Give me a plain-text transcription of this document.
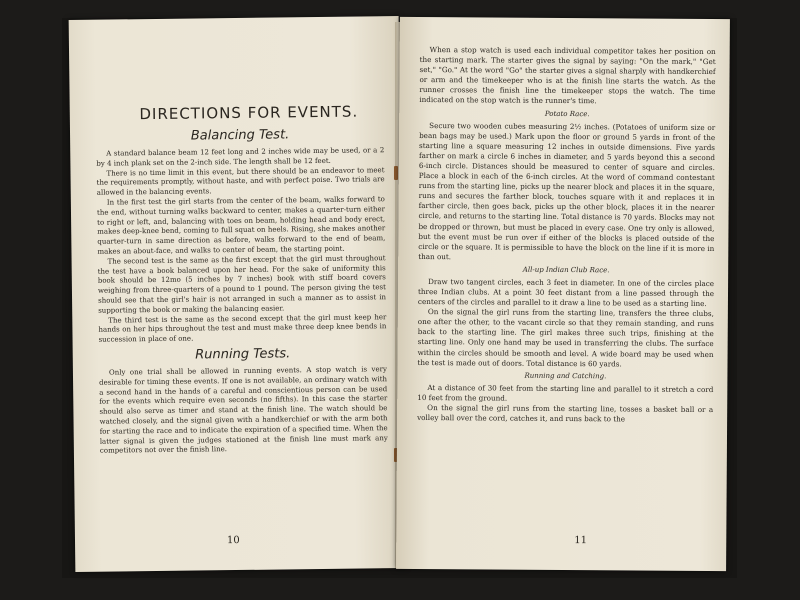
DIRECTIONS FOR EVENTS.
Balancing Test.

A standard balance beam 12 feet long and 2 inches wide may be used, or a 2 by 4 inch plank set on the 2-inch side. The length shall be 12 feet.

There is no time limit in this event, but there should be an endeavor to meet the requirements promptly, without haste, and with perfect poise. Two trials are allowed in the balancing events.

In the first test the girl starts from the center of the beam, walks forward to the end, without turning walks backward to center, makes a quarter-turn either to right or left, and, balancing with toes on beam, holding head and body erect, makes deep-knee bend, coming to full squat on heels. Rising, she makes another quarter-turn in same direction as before, walks forward to the end of beam, makes an about-face, and walks to center of beam, the starting point.

The second test is the same as the first except that the girl must throughout the test have a book balanced upon her head. For the sake of uniformity this book should be 12mo (5 inches by 7 inches) book with stiff board covers weighing from three-quarters of a pound to 1 pound. The person giving the test should see that the girl's hair is not arranged in such a manner as to assist in supporting the book or making the balancing easier.

The third test is the same as the second except that the girl must keep her hands on her hips throughout the test and must make three deep knee bends in succession in place of one.

Running Tests.

Only one trial shall be allowed in running events. A stop watch is very desirable for timing these events. If one is not available, an ordinary watch with a second hand in the hands of a careful and conscientious person can be used for the events which require even seconds (no fifths). In this case the starter should also serve as timer and stand at the finish line. The watch should be watched closely, and the signal given with a handkerchief or with the arm both for starting the race and to indicate the expiration of a specified time. When the latter signal is given the judges stationed at the finish line must mark any competitors not over the finish line.

10

When a stop watch is used each individual competitor takes her position on the starting mark. The starter gives the signal by saying: "On the mark," "Get set," "Go." At the word "Go" the starter gives a signal sharply with handkerchief or arm and the timekeeper who is at the finish line starts the watch. As the runner crosses the finish line the timekeeper stops the watch. The time indicated on the stop watch is the runner's time.

Potato Race.

Secure two wooden cubes measuring 2½ inches. (Potatoes of uniform size or bean bags may be used.) Mark upon the floor or ground 5 yards in front of the starting line a square measuring 12 inches in outside dimensions. Five yards farther on mark a circle 6 inches in diameter, and 5 yards beyond this a second 6-inch circle. Distances should be measured to center of square and circles. Place a block in each of the 6-inch circles. At the word of command contestant runs from the starting line, picks up the nearer block and places it in the square, runs and secures the farther block, touches square with it and replaces it in farther circle, then goes back, picks up the other block, places it in the nearer circle, and returns to the starting line. Total distance is 70 yards. Blocks may not be dropped or thrown, but must be placed in every case. One try only is allowed, but the event must be run over if either of the blocks is placed outside of the circle or the square. It is permissible to have the block on the line if it is more in than out.

All-up Indian Club Race.

Draw two tangent circles, each 3 feet in diameter. In one of the circles place three Indian clubs. At a point 30 feet distant from a line passed through the centers of the circles and parallel to it draw a line to be used as a starting line.

On the signal the girl runs from the starting line, transfers the three clubs, one after the other, to the vacant circle so that they remain standing, and runs back to the starting line. The girl makes three such trips, finishing at the starting line. Only one hand may be used in transferring the clubs. The surface within the circles should be smooth and level. A wide board may be used when the test is made out of doors. Total distance is 60 yards.

Running and Catching.

At a distance of 30 feet from the starting line and parallel to it stretch a cord 10 feet from the ground.

On the signal the girl runs from the starting line, tosses a basket ball or a volley ball over the cord, catches it, and runs back to the

11
